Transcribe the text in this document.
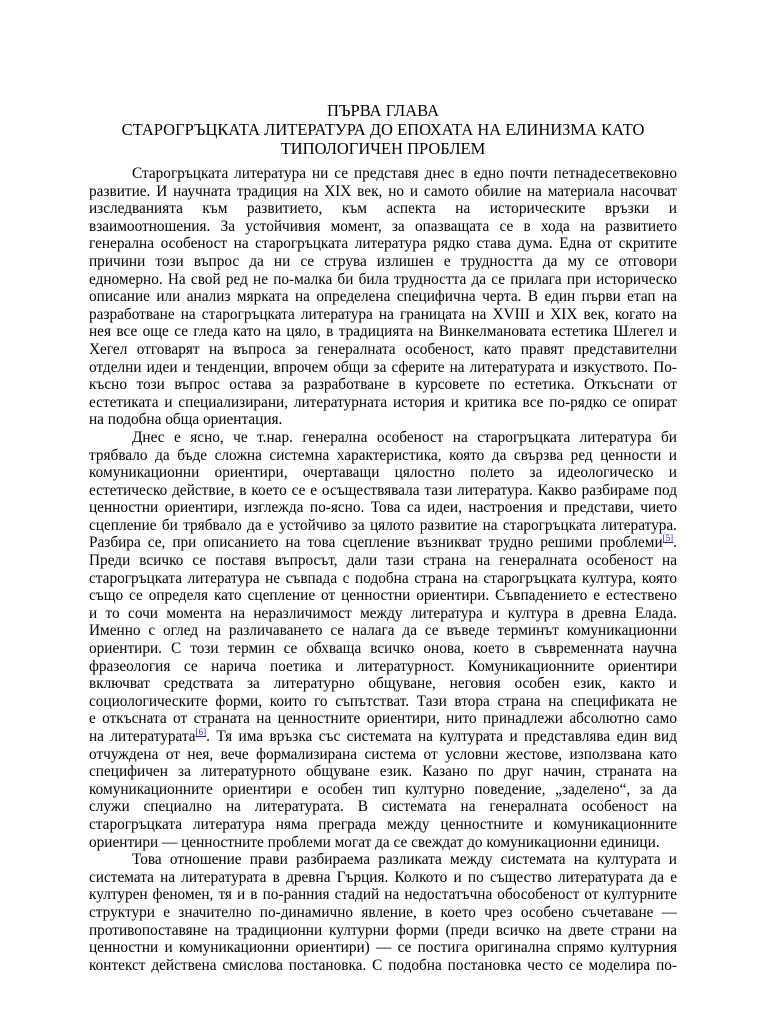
ПЪРВА ГЛАВА
СТАРОГРЪЦКАТА ЛИТЕРАТУРА ДО ЕПОХАТА НА ЕЛИНИЗМА КАТО
ТИПОЛОГИЧЕН ПРОБЛЕМ
Старогръцката литература ни се представя днес в едно почти петнадесетвековно
развитие. И научната традиция на XIX век, но и самото обилие на материала насочват
изследванията към развитието, към аспекта на историческите връзки и
взаимоотношения. За устойчивия момент, за опазващата се в хода на развитието
генерална особеност на старогръцката литература рядко става дума. Една от скритите
причини този въпрос да ни се струва излишен е трудността да му се отговори
едномерно. На свой ред не по-малка би била трудността да се прилага при историческо
описание или анализ мярката на определена специфична черта. В един първи етап на
разработване на старогръцката литература на границата на XVIII и XIX век, когато на
нея все още се гледа като на цяло, в традицията на Винкелмановата естетика Шлегел и
Хегел отговарят на въпроса за генералната особеност, като правят представителни
отделни идеи и тенденции, впрочем общи за сферите на литературата и изкуството. По-
късно този въпрос остава за разработване в курсовете по естетика. Откъснати от
естетиката и специализирани, литературната история и критика все по-рядко се опират
на подобна обща ориентация.
Днес е ясно, че т.нар. генерална особеност на старогръцката литература би
трябвало да бъде сложна системна характеристика, която да свързва ред ценности и
комуникационни ориентири, очертаващи цялостно полето за идеологическо и
естетическо действие, в което се е осъществявала тази литература. Какво разбираме под
ценностни ориентири, изглежда по-ясно. Това са идеи, настроения и представи, чието
сцепление би трябвало да е устойчиво за цялото развитие на старогръцката литература.
Разбира се, при описанието на това сцепление възникват трудно решими проблеми[5].
Преди всичко се поставя въпросът, дали тази страна на генералната особеност на
старогръцката литература не съвпада с подобна страна на старогръцката култура, която
също се определя като сцепление от ценностни ориентири. Съвпадението е естествено
и то сочи момента на неразличимост между литература и култура в древна Елада.
Именно с оглед на различаването се налага да се въведе терминът комуникационни
ориентири. С този термин се обхваща всичко онова, което в съвременната научна
фразеология се нарича поетика и литературност. Комуникационните ориентири
включват средствата за литературно общуване, неговия особен език, както и
социологическите форми, които го съпътстват. Тази втора страна на спецификата не
е откъсната от страната на ценностните ориентири, нито принадлежи абсолютно само
на литературата[6]. Тя има връзка със системата на културата и представлява един вид
отчуждена от нея, вече формализирана система от условни жестове, използвана като
специфичен за литературното общуване език. Казано по друг начин, страната на
комуникационните ориентири е особен тип културно поведение, „заделено“, за да
служи специално на литературата. В системата на генералната особеност на
старогръцката литература няма преграда между ценностните и комуникационните
ориентири — ценностните проблеми могат да се свеждат до комуникационни единици.
Това отношение прави разбираема разликата между системата на културата и
системата на литературата в древна Гърция. Колкото и по същество литературата да е
културен феномен, тя и в по-ранния стадий на недостатъчна обособеност от културните
структури е значително по-динамично явление, в което чрез особено съчетаване —
противопоставяне на традиционни културни форми (преди всичко на двете страни на
ценностни и комуникационни ориентири) — се постига оригинална спрямо културния
контекст действена смислова постановка. С подобна постановка често се моделира по-
